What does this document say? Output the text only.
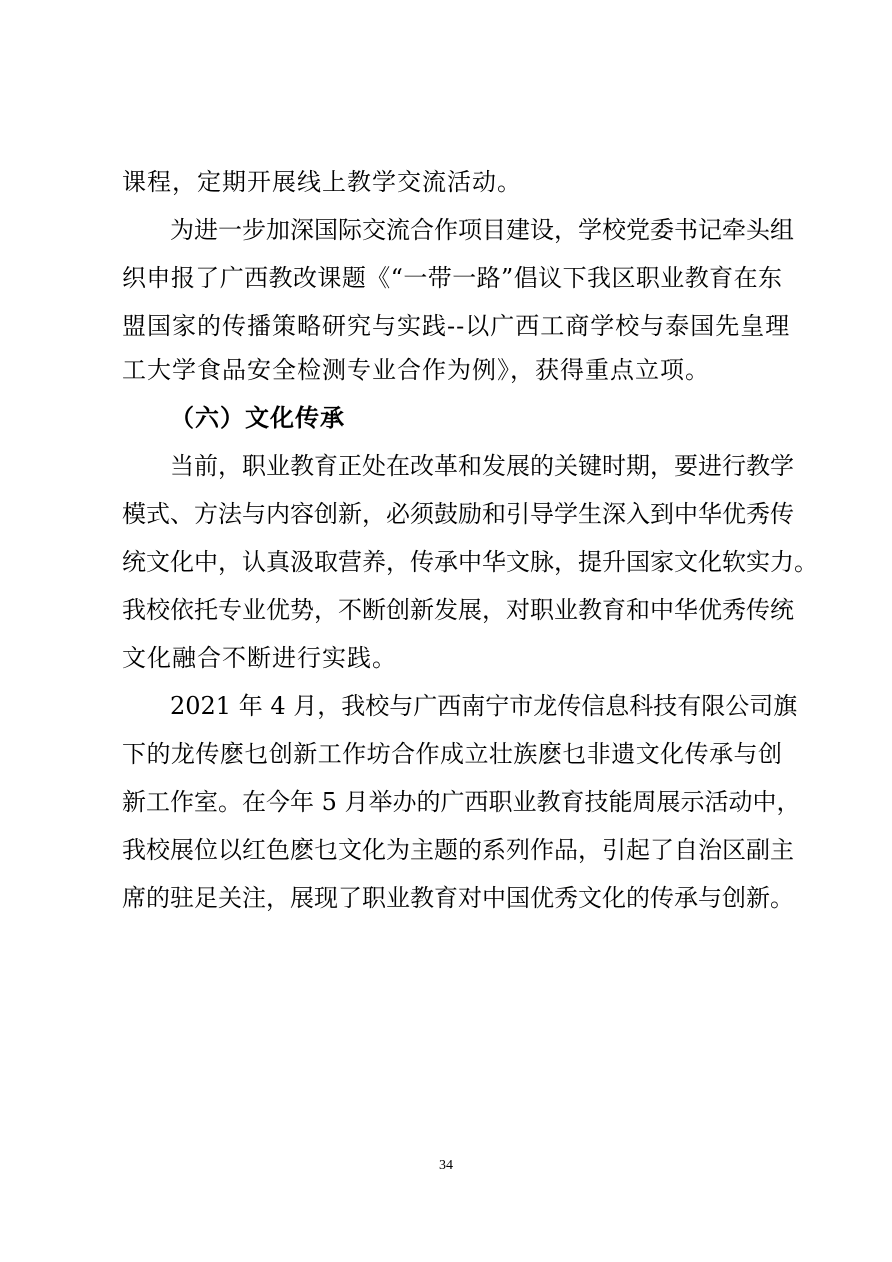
课程，定期开展线上教学交流活动。
为进一步加深国际交流合作项目建设，学校党委书记牵头组
织申报了广西教改课题《“一带一路”倡议下我区职业教育在东
盟国家的传播策略研究与实践--以广西工商学校与泰国先皇理
工大学食品安全检测专业合作为例》，获得重点立项。
（六）文化传承
当前，职业教育正处在改革和发展的关键时期，要进行教学
模式、方法与内容创新，必须鼓励和引导学生深入到中华优秀传
统文化中，认真汲取营养，传承中华文脉，提升国家文化软实力。
我校依托专业优势，不断创新发展，对职业教育和中华优秀传统
文化融合不断进行实践。
2021 年 4 月，我校与广西南宁市龙传信息科技有限公司旗
下的龙传麽乜创新工作坊合作成立壮族麽乜非遗文化传承与创
新工作室。在今年 5 月举办的广西职业教育技能周展示活动中，
我校展位以红色麽乜文化为主题的系列作品，引起了自治区副主
席的驻足关注，展现了职业教育对中国优秀文化的传承与创新。
34
